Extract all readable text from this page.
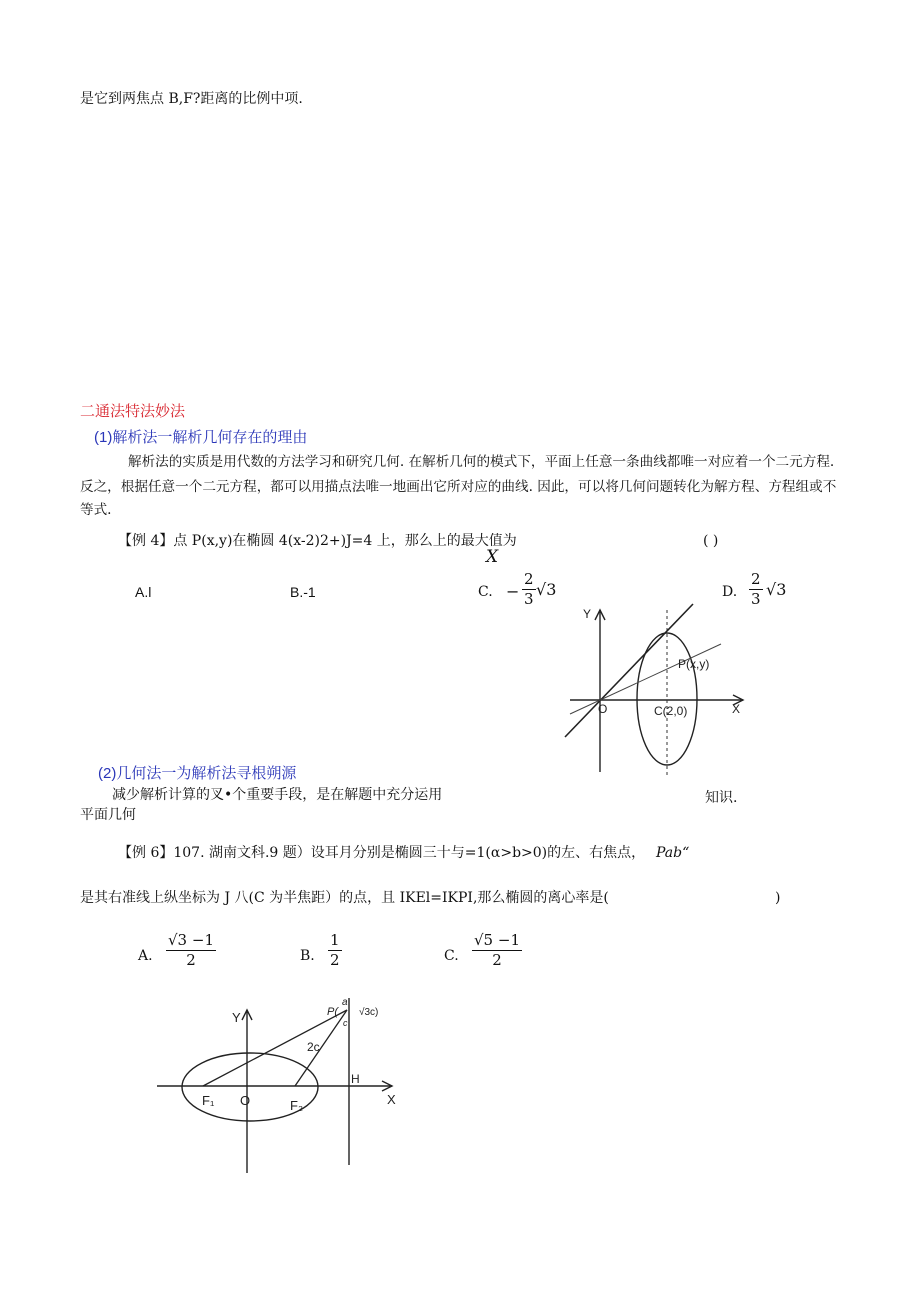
是它到两焦点 B,F?距离的比例中项.
二通法特法妙法
(1)解析法一解析几何存在的理由
解析法的实质是用代数的方法学习和研究几何. 在解析几何的模式下，平面上任意一条曲线都唯一对应着一个二元方程.
反之，根据任意一个二元方程，都可以用描点法唯一地画出它所对应的曲线. 因此，可以将几何问题转化为解方程、方程组或不
等式.
【例 4】点 P(x,y)在椭圆 4(x-2)2+)J=4 上，那么上的最大值为
X
( )
A.l	B.-1	C. − $\frac{2}{3} √3$	D. $\frac{2}{3} √3$
Y
X
O
P(x,y)
C(2,0)
(2)几何法一为解析法寻根朔源
减少解析计算的叉•个重要手段，是在解题中充分运用	知识.
平面几何
【例 6】107. 湖南文科.9 题）设耳月分别是椭圆三十与=1(α>b>0)的左、右焦点， Pab“
是其右准线上纵坐标为 J 八(C 为半焦距）的点，且 IKEl=IKPI,那么椭圆的离心率是(	)
A. $\frac{√3 -1}{2}$	B. $\frac{1}{2}$	C. $\frac{√5 -1}{2}$
Y
X
O
F₁	F₂
H
P(
a
c
√3c)
2c
